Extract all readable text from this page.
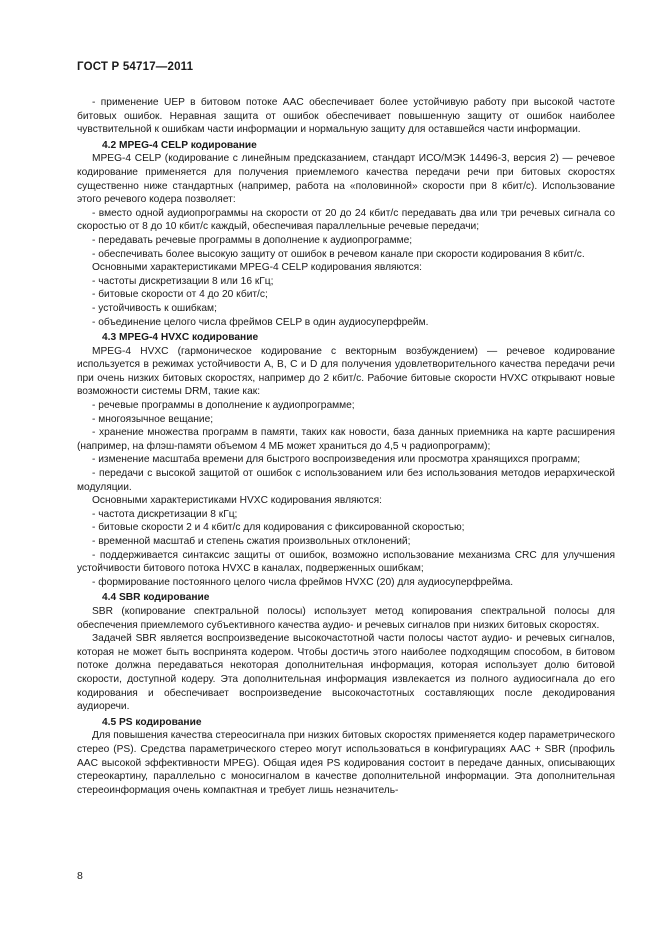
ГОСТ Р 54717—2011

- применение UEP в битовом потоке AAC обеспечивает более устойчивую работу при высокой частоте битовых ошибок. Неравная защита от ошибок обеспечивает повышенную защиту от ошибок наиболее чувствительной к ошибкам части информации и нормальную защиту для оставшейся части информации.

4.2 MPEG-4 CELP кодирование

MPEG-4 CELP (кодирование с линейным предсказанием, стандарт ИСО/МЭК 14496-3, версия 2) — речевое кодирование применяется для получения приемлемого качества передачи речи при битовых скоростях существенно ниже стандартных (например, работа на «половинной» скорости при 8 кбит/с). Использование этого речевого кодера позволяет:

- вместо одной аудиопрограммы на скорости от 20 до 24 кбит/с передавать два или три речевых сигнала со скоростью от 8 до 10 кбит/с каждый, обеспечивая параллельные речевые передачи;

- передавать речевые программы в дополнение к аудиопрограмме;

- обеспечивать более высокую защиту от ошибок в речевом канале при скорости кодирования 8 кбит/с.

Основными характеристиками MPEG-4 CELP кодирования являются:

- частоты дискретизации 8 или 16 кГц;

- битовые скорости от 4 до 20 кбит/с;

- устойчивость к ошибкам;

- объединение целого числа фреймов CELP в один аудиосуперфрейм.

4.3 MPEG-4 HVXC кодирование

MPEG-4 HVXC (гармоническое кодирование с векторным возбуждением) — речевое кодирование используется в режимах устойчивости A, B, C и D для получения удовлетворительного качества передачи речи при очень низких битовых скоростях, например до 2 кбит/с. Рабочие битовые скорости HVXC открывают новые возможности системы DRM, такие как:

- речевые программы в дополнение к аудиопрограмме;

- многоязычное вещание;

- хранение множества программ в памяти, таких как новости, база данных приемника на карте расширения (например, на флэш-памяти объемом 4 МБ может храниться до 4,5 ч радиопрограмм);

- изменение масштаба времени для быстрого воспроизведения или просмотра хранящихся программ;

- передачи с высокой защитой от ошибок с использованием или без использования методов иерархической модуляции.

Основными характеристиками HVXC кодирования являются:

- частота дискретизации 8 кГц;

- битовые скорости 2 и 4 кбит/с для кодирования с фиксированной скоростью;

- временной масштаб и степень сжатия произвольных отклонений;

- поддерживается синтаксис защиты от ошибок, возможно использование механизма CRC для улучшения устойчивости битового потока HVXC в каналах, подверженных ошибкам;

- формирование постоянного целого числа фреймов HVXC (20) для аудиосуперфрейма.

4.4 SBR кодирование

SBR (копирование спектральной полосы) использует метод копирования спектральной полосы для обеспечения приемлемого субъективного качества аудио- и речевых сигналов при низких битовых скоростях.

Задачей SBR является воспроизведение высокочастотной части полосы частот аудио- и речевых сигналов, которая не может быть воспринята кодером. Чтобы достичь этого наиболее подходящим способом, в битовом потоке должна передаваться некоторая дополнительная информация, которая использует долю битовой скорости, доступной кодеру. Эта дополнительная информация извлекается из полного аудиосигнала до его кодирования и обеспечивает воспроизведение высокочастотных составляющих после декодирования аудиоречи.

4.5 PS кодирование

Для повышения качества стереосигнала при низких битовых скоростях применяется кодер параметрического стерео (PS). Средства параметрического стерео могут использоваться в конфигурациях AAC + SBR (профиль AAC высокой эффективности MPEG). Общая идея PS кодирования состоит в передаче данных, описывающих стереокартину, параллельно с моносигналом в качестве дополнительной информации. Эта дополнительная стереоинформация очень компактная и требует лишь незначитель-

8
